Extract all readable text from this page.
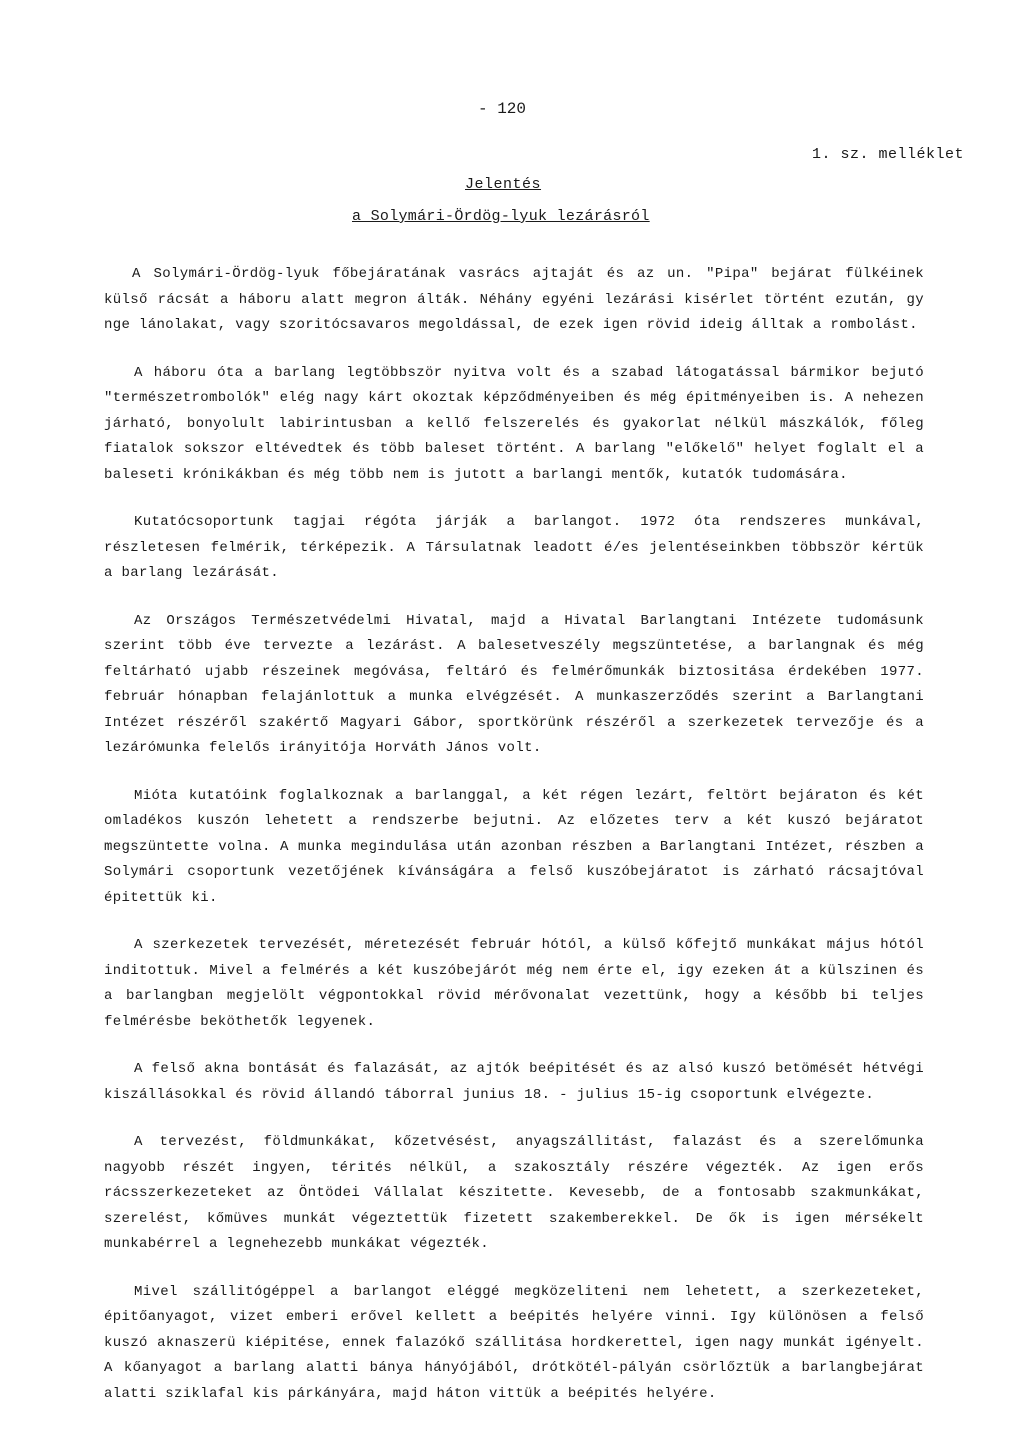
- 120
1. sz. melléklet
Jelentés
a Solymári-Ördög-lyuk lezárásról

A Solymári-Ördög-lyuk főbejáratának vasrács ajtaját és az un. "Pipa" bejárat fülkéinek külső rácsát a háboru alatt megron álták. Néhány egyéni lezárási kisérlet történt ezután, gy nge lánolakat, vagy szoritócsavaros megoldással, de ezek igen rövid ideig álltak a rombolást.

A háboru óta a barlang legtöbbször nyitva volt és a szabad látogatással bármikor bejutó "természetrombolók" elég nagy kárt okoztak képződményeiben és még épitményeiben is. A nehezen járható, bonyolult labirintusban a kellő felszerelés és gyakorlat nélkül mászkálók, főleg fiatalok sokszor eltévedtek és több baleset történt. A barlang "előkelő" helyet foglalt el a baleseti krónikákban és még több nem is jutott a barlangi mentők, kutatók tudomására.

Kutatócsoportunk tagjai régóta járják a barlangot. 1972 óta rendszeres munkával, részletesen felmérik, térképezik. A Társulatnak leadott é/es jelentéseinkben többször kértük a barlang lezárását.

Az Országos Természetvédelmi Hivatal, majd a Hivatal Barlangtani Intézete tudomásunk szerint több éve tervezte a lezárást. A balesetveszély megszüntetése, a barlangnak és még feltárható ujabb részeinek megóvása, feltáró és felmérőmunkák biztositása érdekében 1977. február hónapban felajánlottuk a munka elvégzését. A munkaszerződés szerint a Barlangtani Intézet részéről szakértő Magyari Gábor, sportkörünk részéről a szerkezetek tervezője és a lezáróмunka felelős irányitója Horváth János volt.

Mióta kutatóink foglalkoznak a barlanggal, a két régen lezárt, feltört bejáraton és két omladékos kuszón lehetett a rendszerbe bejutni. Az előzetes terv a két kuszó bejáratot megszüntette volna. A munka megindulása után azonban részben a Barlangtani Intézet, részben a Solymári csoportunk vezetőjének kívánságára a felső kuszóbejáratot is zárható rácsajtóval épitettük ki.

A szerkezetek tervezését, méretezését február hótól, a külső kőfejtő munkákat május hótól inditottuk. Mivel a felmérés a két kuszóbejárót még nem érte el, igy ezeken át a külszinen és a barlangban megjelölt végpontokkal rövid mérővonalat vezettünk, hogy a később bi teljes felmérésbe beköthetők legyenek.

A felső akna bontását és falazását, az ajtók beépitését és az alsó kuszó betömését hétvégi kiszállásokkal és rövid állandó táborral junius 18. - julius 15-ig csoportunk elvégezte.

A tervezést, földmunkákat, kőzetvésést, anyagszállitást, falazást és a szerelőmunka nagyobb részét ingyen, térités nélkül, a szakosztály részére végezték. Az igen erős rácsszerkezeteket az Öntödei Vállalat készitette. Kevesebb, de a fontosabb szakmunkákat, szerelést, kőmüves munkát végeztettük fizetett szakemberekkel. De ők is igen mérsékelt munkabérrel a legnehezebb munkákat végezték.

Mivel szállitógéppel a barlangot eléggé megközeliteni nem lehetett, a szerkezeteket, épitőanyagot, vizet emberi erővel kellett a beépités helyére vinni. Igy különösen a felső kuszó aknaszerü kiépitése, ennek falazókő szállitása hordkerettel, igen nagy munkát igényelt. A kőanyagot a barlang alatti bánya hányójából, drótkötél-pályán csörlőztük a barlangbejárat alatti sziklafal kis párkányára, majd háton vittük a beépités helyére.
